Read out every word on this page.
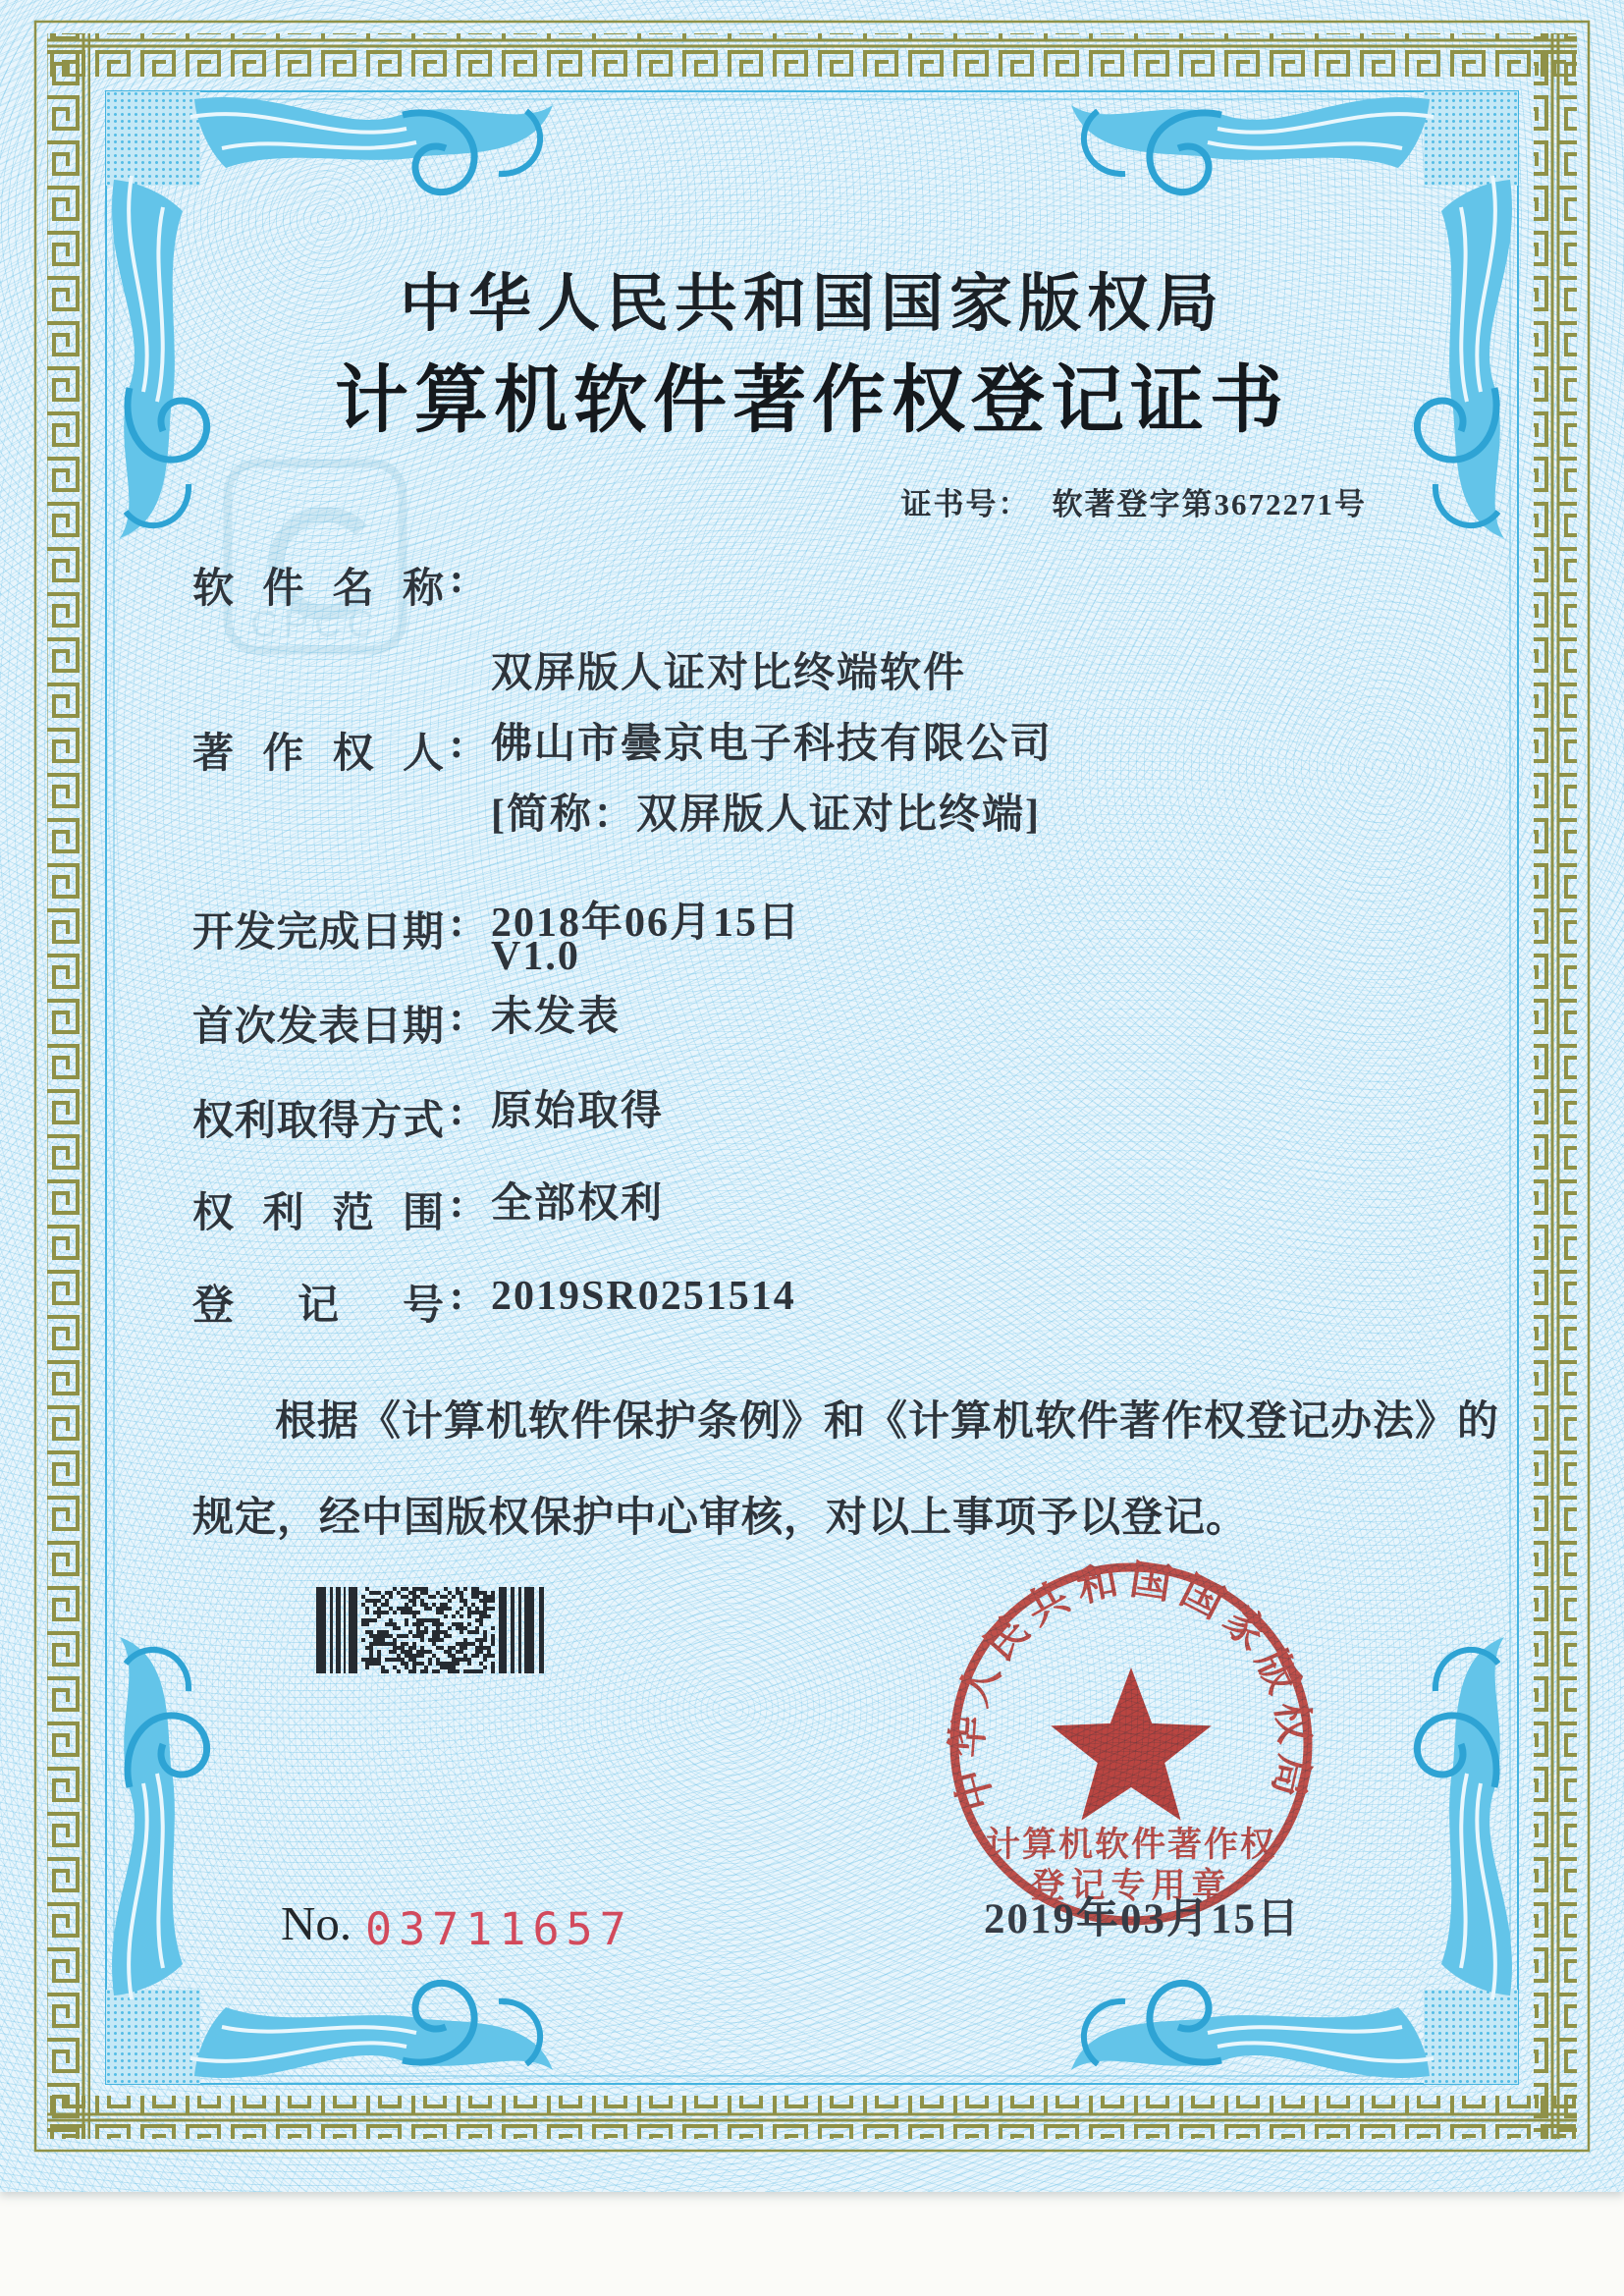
CPCC
中华人民共和国国家版权局
计算机软件著作权登记证书
证书号： 软著登字第3672271号
软件名称 :

双屏版人证对比终端软件

[简称：双屏版人证对比终端]

V1.0

著作权人 : 佛山市曇京电子科技有限公司
开发完成日期 : 2018年06月15日
首次发表日期 : 未发表
权利取得方式 : 原始取得
权利范围 : 全部权利
登记号 : 2019SR0251514
根据《计算机软件保护条例》和《计算机软件著作权登记办法》的
规定，经中国版权保护中心审核，对以上事项予以登记。
中华人民共和国国家版权局
计算机软件著作权
登记专用章
2019年03月15日
No. 03711657
